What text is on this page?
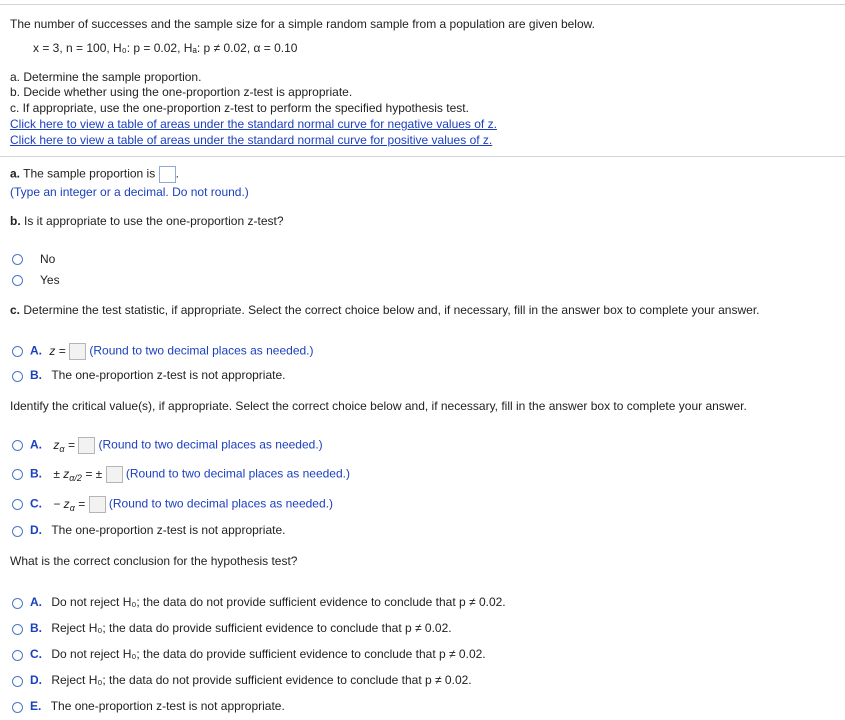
The number of successes and the sample size for a simple random sample from a population are given below.
x = 3, n = 100, H₀: p = 0.02, Hₐ: p ≠ 0.02, α = 0.10
a. Determine the sample proportion.
b. Decide whether using the one-proportion z-test is appropriate.
c. If appropriate, use the one-proportion z-test to perform the specified hypothesis test.
Click here to view a table of areas under the standard normal curve for negative values of z.
Click here to view a table of areas under the standard normal curve for positive values of z.
a. The sample proportion is .
(Type an integer or a decimal. Do not round.)
b. Is it appropriate to use the one-proportion z-test?
No
Yes
c. Determine the test statistic, if appropriate. Select the correct choice below and, if necessary, fill in the answer box to complete your answer.
A. z = (Round to two decimal places as needed.)
B. The one-proportion z-test is not appropriate.
Identify the critical value(s), if appropriate. Select the correct choice below and, if necessary, fill in the answer box to complete your answer.
A. $z_\alpha$ = (Round to two decimal places as needed.)
B. ± $z_{\alpha/2}$ = ± (Round to two decimal places as needed.)
C. − $z_\alpha$ = (Round to two decimal places as needed.)
D. The one-proportion z-test is not appropriate.
What is the correct conclusion for the hypothesis test?
A. Do not reject H₀; the data do not provide sufficient evidence to conclude that p ≠ 0.02.
B. Reject H₀; the data do provide sufficient evidence to conclude that p ≠ 0.02.
C. Do not reject H₀; the data do provide sufficient evidence to conclude that p ≠ 0.02.
D. Reject H₀; the data do not provide sufficient evidence to conclude that p ≠ 0.02.
E. The one-proportion z-test is not appropriate.
